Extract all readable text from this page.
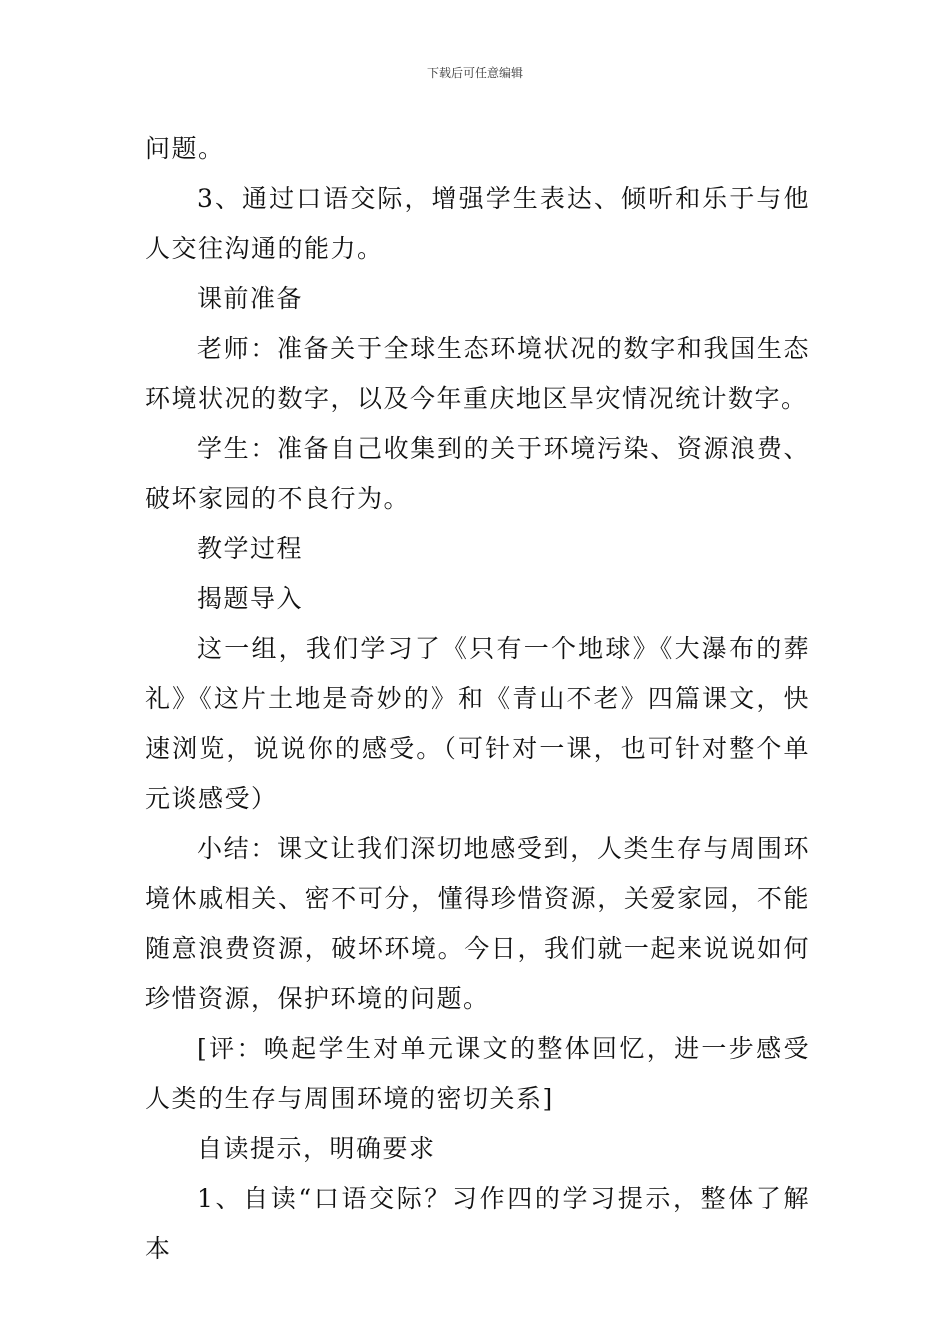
下载后可任意编辑

问题。

3、通过口语交际，增强学生表达、倾听和乐于与他人交往沟通的能力。

课前准备

老师：准备关于全球生态环境状况的数字和我国生态环境状况的数字，以及今年重庆地区旱灾情况统计数字。

学生：准备自己收集到的关于环境污染、资源浪费、破坏家园的不良行为。

教学过程

揭题导入

这一组，我们学习了《只有一个地球》《大瀑布的葬礼》《这片土地是奇妙的》和《青山不老》四篇课文，快速浏览，说说你的感受。（可针对一课，也可针对整个单元谈感受）

小结：课文让我们深切地感受到，人类生存与周围环境休戚相关、密不可分，懂得珍惜资源，关爱家园，不能随意浪费资源，破坏环境。今日，我们就一起来说说如何珍惜资源，保护环境的问题。

[评：唤起学生对单元课文的整体回忆，进一步感受人类的生存与周围环境的密切关系]

自读提示，明确要求

1、自读“口语交际？习作四的学习提示，整体了解本
